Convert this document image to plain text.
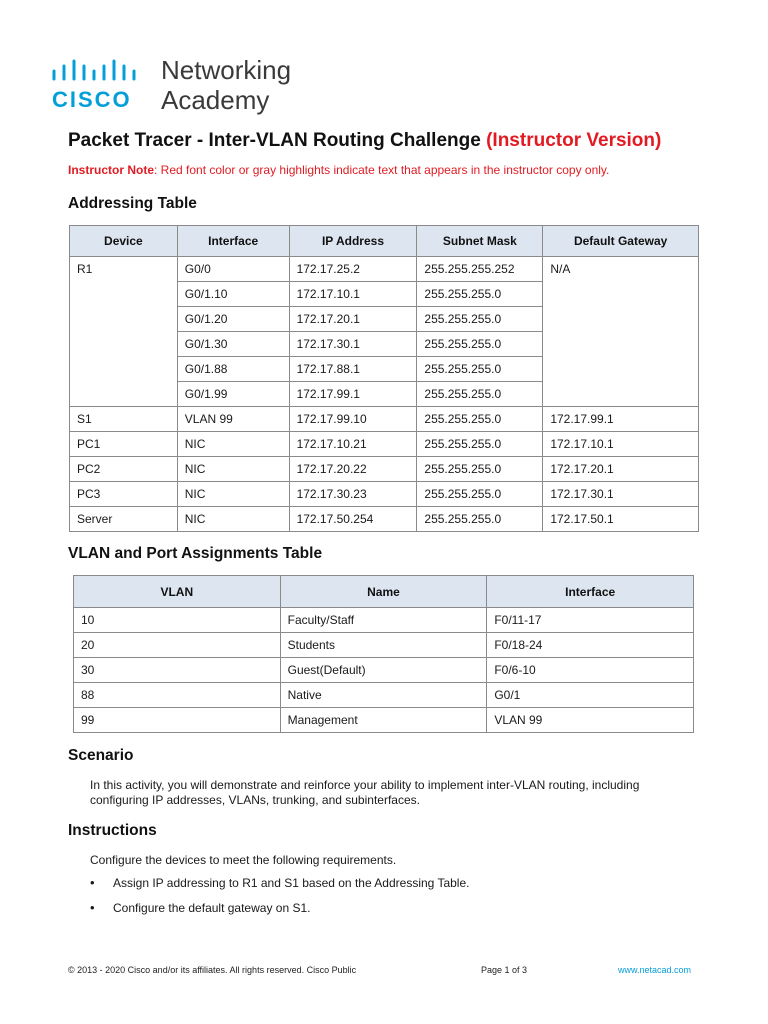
CISCO
Networking
Academy
Packet Tracer - Inter-VLAN Routing Challenge (Instructor Version)
Instructor Note: Red font color or gray highlights indicate text that appears in the instructor copy only.
Addressing Table
Device	Interface	IP Address	Subnet Mask	Default Gateway
R1	G0/0	172.17.25.2	255.255.255.252	N/A
	G0/1.10	172.17.10.1	255.255.255.0	
	G0/1.20	172.17.20.1	255.255.255.0	
	G0/1.30	172.17.30.1	255.255.255.0	
	G0/1.88	172.17.88.1	255.255.255.0	
	G0/1.99	172.17.99.1	255.255.255.0	
S1	VLAN 99	172.17.99.10	255.255.255.0	172.17.99.1
PC1	NIC	172.17.10.21	255.255.255.0	172.17.10.1
PC2	NIC	172.17.20.22	255.255.255.0	172.17.20.1
PC3	NIC	172.17.30.23	255.255.255.0	172.17.30.1
Server	NIC	172.17.50.254	255.255.255.0	172.17.50.1
VLAN and Port Assignments Table
VLAN	Name	Interface
10	Faculty/Staff	F0/11-17
20	Students	F0/18-24
30	Guest(Default)	F0/6-10
88	Native	G0/1
99	Management	VLAN 99
Scenario

In this activity, you will demonstrate and reinforce your ability to implement inter-VLAN routing, including configuring IP addresses, VLANs, trunking, and subinterfaces.

Instructions

Configure the devices to meet the following requirements.

• Assign IP addressing to R1 and S1 based on the Addressing Table.
• Configure the default gateway on S1.
© 2013 - 2020 Cisco and/or its affiliates. All rights reserved. Cisco Public	Page 1 of 3	www.netacad.com
